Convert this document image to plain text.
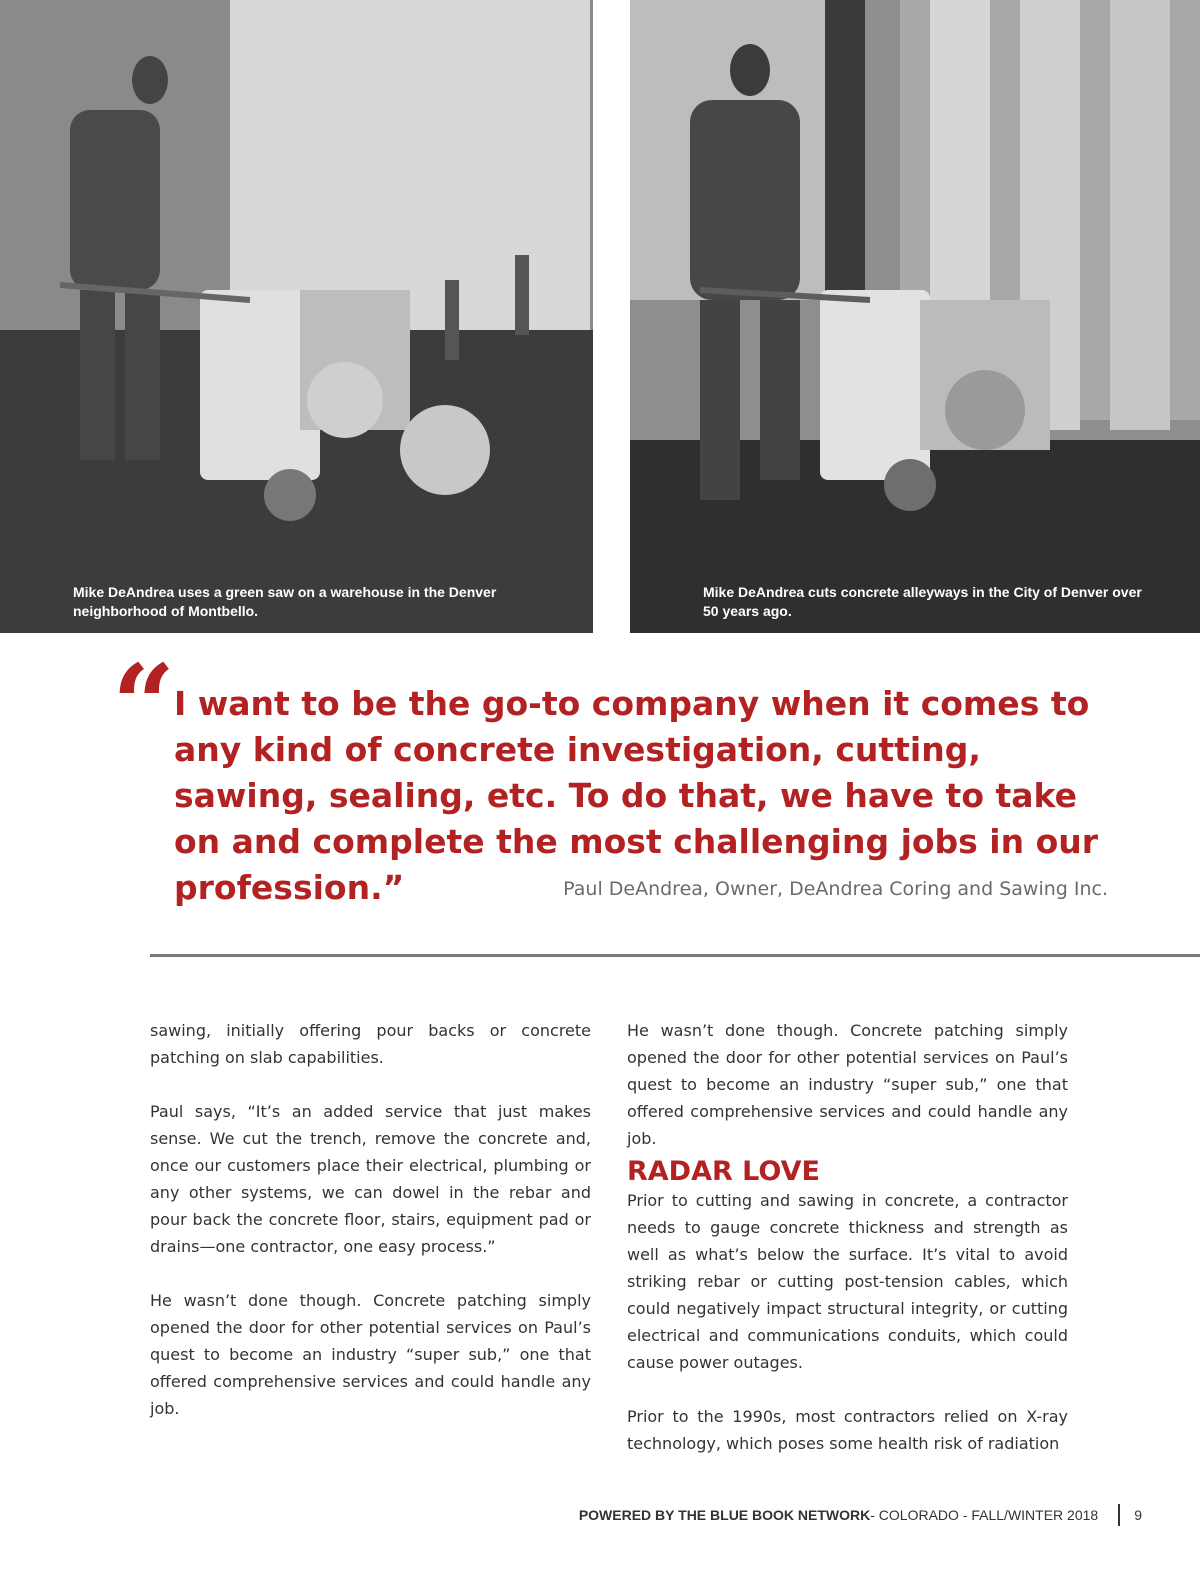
Mike DeAndrea uses a green saw on a warehouse in the Denver neighborhood of Montbello.
Mike DeAndrea cuts concrete alleyways in the City of Denver over 50 years ago.
“

I want to be the go-to company when it comes to any kind of concrete investigation, cutting, sawing, sealing, etc. To do that, we have to take on and complete the most challenging jobs in our profession.”	Paul DeAndrea, Owner, DeAndrea Coring and Sawing Inc.

sawing, initially offering pour backs or concrete patching on slab capabilities.

Paul says, “It’s an added service that just makes sense. We cut the trench, remove the concrete and, once our customers place their electrical, plumbing or any other systems, we can dowel in the rebar and pour back the concrete floor, stairs, equipment pad or drains—one contractor, one easy process.”

He wasn’t done though. Concrete patching simply opened the door for other potential services on Paul’s quest to become an industry “super sub,” one that offered comprehensive services and could handle any job.

He wasn’t done though. Concrete patching simply opened the door for other potential services on Paul’s quest to become an industry “super sub,” one that offered comprehensive services and could handle any job.

RADAR LOVE

Prior to cutting and sawing in concrete, a contractor needs to gauge concrete thickness and strength as well as what’s below the surface. It’s vital to avoid striking rebar or cutting post-tension cables, which could negatively impact structural integrity, or cutting electrical and communications conduits, which could cause power outages.

Prior to the 1990s, most contractors relied on X-ray technology, which poses some health risk of radiation

POWERED BY THE BLUE BOOK NETWORK - COLORADO - FALL/WINTER 2018	9
